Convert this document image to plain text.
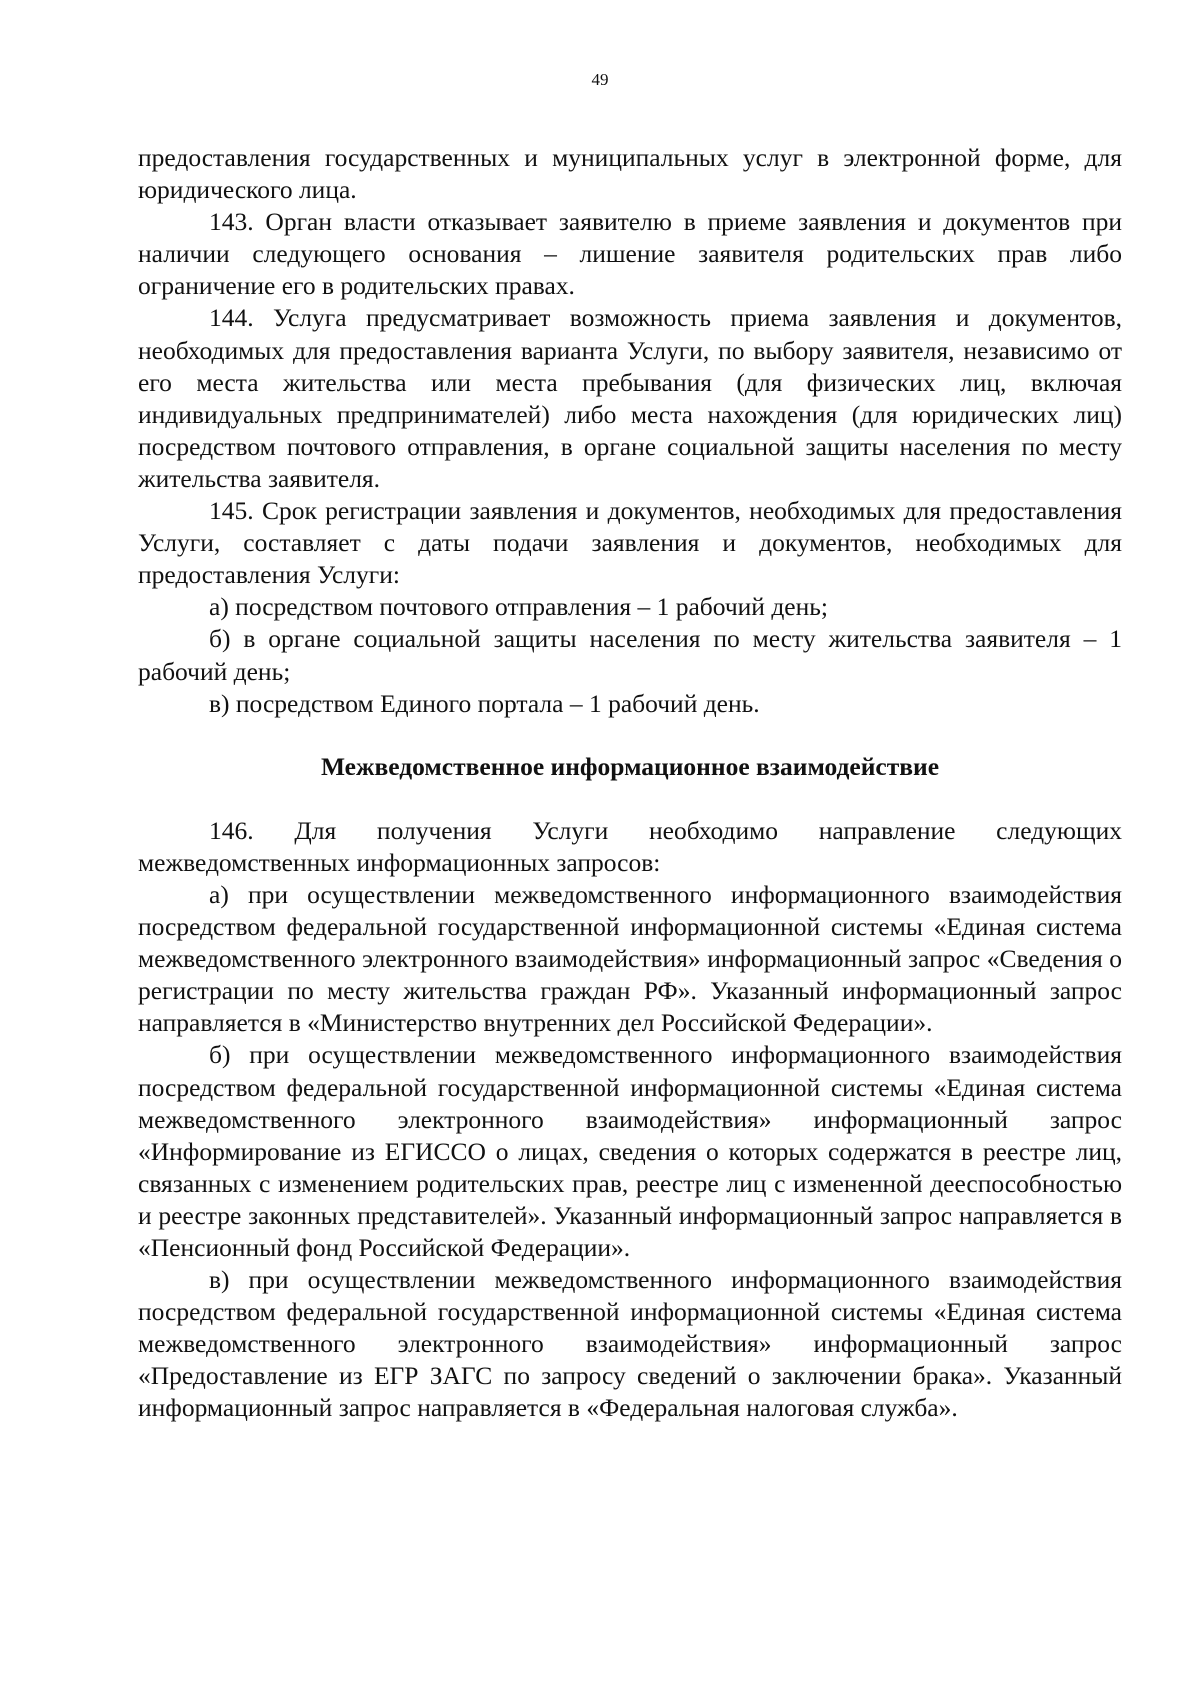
49

предоставления государственных и муниципальных услуг в электронной форме, для юридического лица.

143. Орган власти отказывает заявителю в приеме заявления и документов при наличии следующего основания – лишение заявителя родительских прав либо ограничение его в родительских правах.

144. Услуга предусматривает возможность приема заявления и документов, необходимых для предоставления варианта Услуги, по выбору заявителя, независимо от его места жительства или места пребывания (для физических лиц, включая индивидуальных предпринимателей) либо места нахождения (для юридических лиц) посредством почтового отправления, в органе социальной защиты населения по месту жительства заявителя.

145. Срок регистрации заявления и документов, необходимых для предоставления Услуги, составляет с даты подачи заявления и документов, необходимых для предоставления Услуги:

а) посредством почтового отправления – 1 рабочий день;

б) в органе социальной защиты населения по месту жительства заявителя – 1 рабочий день;

в) посредством Единого портала – 1 рабочий день.

Межведомственное информационное взаимодействие

146. Для получения Услуги необходимо направление следующих межведомственных информационных запросов:

а) при осуществлении межведомственного информационного взаимодействия посредством федеральной государственной информационной системы «Единая система межведомственного электронного взаимодействия» информационный запрос «Сведения о регистрации по месту жительства граждан РФ». Указанный информационный запрос направляется в «Министерство внутренних дел Российской Федерации».

б) при осуществлении межведомственного информационного взаимодействия посредством федеральной государственной информационной системы «Единая система межведомственного электронного взаимодействия» информационный запрос «Информирование из ЕГИССО о лицах, сведения о которых содержатся в реестре лиц, связанных с изменением родительских прав, реестре лиц с измененной дееспособностью и реестре законных представителей». Указанный информационный запрос направляется в «Пенсионный фонд Российской Федерации».

в) при осуществлении межведомственного информационного взаимодействия посредством федеральной государственной информационной системы «Единая система межведомственного электронного взаимодействия» информационный запрос «Предоставление из ЕГР ЗАГС по запросу сведений о заключении брака». Указанный информационный запрос направляется в «Федеральная налоговая служба».
